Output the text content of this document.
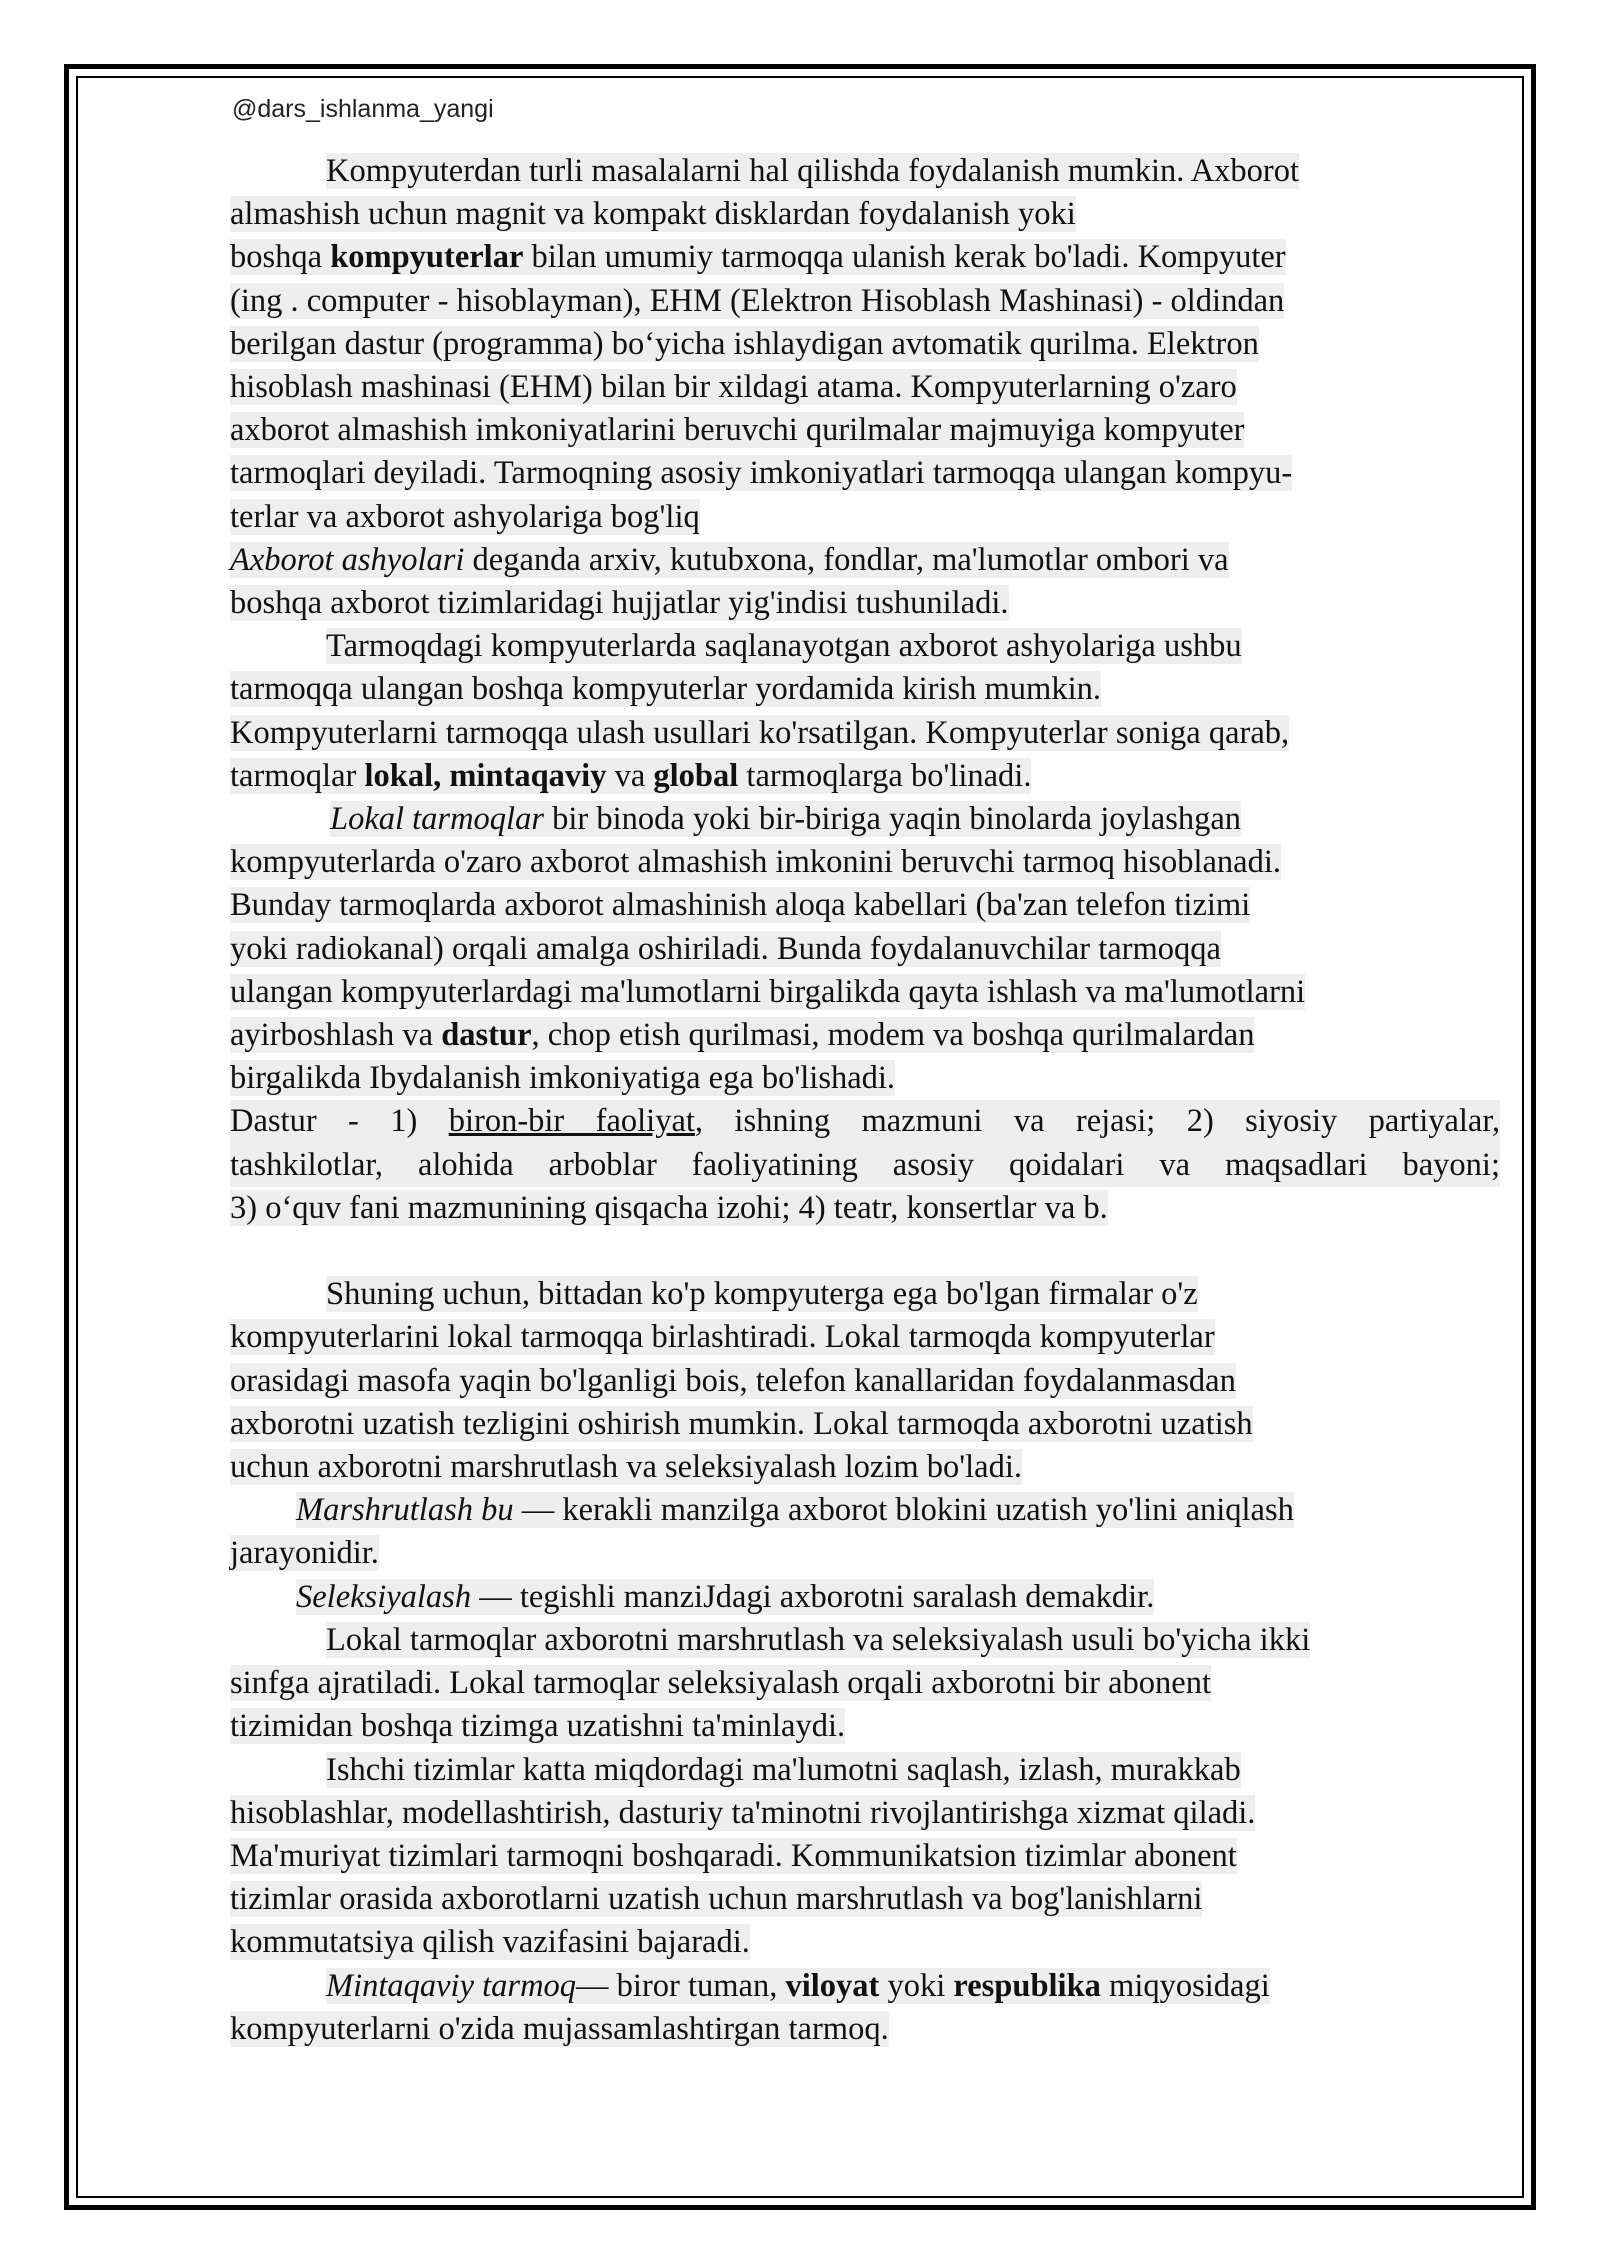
@dars_ishlanma_yangi
Kompyuterdan turli masalalarni hal qilishda foydalanish mumkin. Axborot
almashish uchun magnit va kompakt disklardan foydalanish yoki
boshqa kompyuterlar bilan umumiy tarmoqqa ulanish kerak bo'ladi. Kompyuter
(ing . computer - hisoblayman), EHM (Elektron Hisoblash Mashinasi) - oldindan
berilgan dastur (programma) bo‘yicha ishlaydigan avtomatik qurilma. Elektron
hisoblash mashinasi (EHM) bilan bir xildagi atama. Kompyuterlarning o'zaro
axborot almashish imkoniyatlarini beruvchi qurilmalar majmuyiga kompyuter
tarmoqlari deyiladi. Tarmoqning asosiy imkoniyatlari tarmoqqa ulangan kompyu-
terlar va axborot ashyolariga bog'liq
Axborot ashyolari deganda arxiv, kutubxona, fondlar, ma'lumotlar ombori va
boshqa axborot tizimlaridagi hujjatlar yig'indisi tushuniladi.
Tarmoqdagi kompyuterlarda saqlanayotgan axborot ashyolariga ushbu
tarmoqqa ulangan boshqa kompyuterlar yordamida kirish mumkin.
Kompyuterlarni tarmoqqa ulash usullari ko'rsatilgan. Kompyuterlar soniga qarab,
tarmoqlar lokal, mintaqaviy va global tarmoqlarga bo'linadi.
Lokal tarmoqlar bir binoda yoki bir-biriga yaqin binolarda joylashgan
kompyuterlarda o'zaro axborot almashish imkonini beruvchi tarmoq hisoblanadi.
Bunday tarmoqlarda axborot almashinish aloqa kabellari (ba'zan telefon tizimi
yoki radiokanal) orqali amalga oshiriladi. Bunda foydalanuvchilar tarmoqqa
ulangan kompyuterlardagi ma'lumotlarni birgalikda qayta ishlash va ma'lumotlarni
ayirboshlash va dastur, chop etish qurilmasi, modem va boshqa qurilmalardan
birgalikda Ibydalanish imkoniyatiga ega bo'lishadi.
Dastur - 1) biron-bir faoliyat, ishning mazmuni va rejasi; 2) siyosiy partiyalar,
tashkilotlar, alohida arboblar faoliyatining asosiy qoidalari va maqsadlari bayoni;
3) o‘quv fani mazmunining qisqacha izohi; 4) teatr, konsertlar va b.
Shuning uchun, bittadan ko'p kompyuterga ega bo'lgan firmalar o'z
kompyuterlarini lokal tarmoqqa birlashtiradi. Lokal tarmoqda kompyuterlar
orasidagi masofa yaqin bo'lganligi bois, telefon kanallaridan foydalanmasdan
axborotni uzatish tezligini oshirish mumkin. Lokal tarmoqda axborotni uzatish
uchun axborotni marshrutlash va seleksiyalash lozim bo'ladi.
Marshrutlash bu — kerakli manzilga axborot blokini uzatish yo'lini aniqlash
jarayonidir.
Seleksiyalash — tegishli manziJdagi axborotni saralash demakdir.
Lokal tarmoqlar axborotni marshrutlash va seleksiyalash usuli bo'yicha ikki
sinfga ajratiladi. Lokal tarmoqlar seleksiyalash orqali axborotni bir abonent
tizimidan boshqa tizimga uzatishni ta'minlaydi.
Ishchi tizimlar katta miqdordagi ma'lumotni saqlash, izlash, murakkab
hisoblashlar, modellashtirish, dasturiy ta'minotni rivojlantirishga xizmat qiladi.
Ma'muriyat tizimlari tarmoqni boshqaradi. Kommunikatsion tizimlar abonent
tizimlar orasida axborotlarni uzatish uchun marshrutlash va bog'lanishlarni
kommutatsiya qilish vazifasini bajaradi.
Mintaqaviy tarmoq— biror tuman, viloyat yoki respublika miqyosidagi
kompyuterlarni o'zida mujassamlashtirgan tarmoq.
